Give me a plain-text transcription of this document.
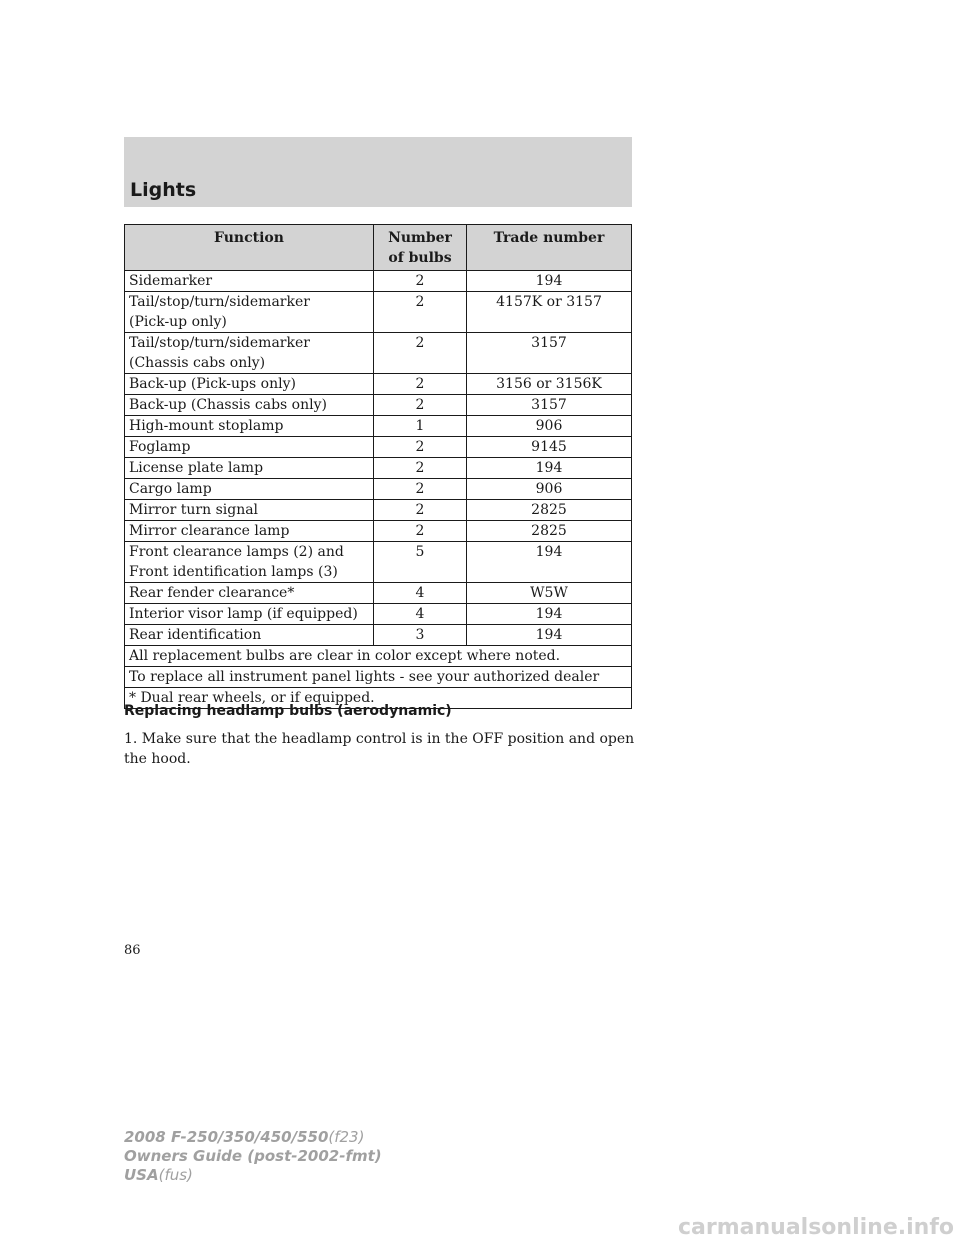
Lights
Function	Number of bulbs	Trade number
Sidemarker	2	194
Tail/stop/turn/sidemarker
(Pick-up only)	2	4157K or 3157
Tail/stop/turn/sidemarker
(Chassis cabs only)	2	3157
Back-up (Pick-ups only)	2	3156 or 3156K
Back-up (Chassis cabs only)	2	3157
High-mount stoplamp	1	906
Foglamp	2	9145
License plate lamp	2	194
Cargo lamp	2	906
Mirror turn signal	2	2825
Mirror clearance lamp	2	2825
Front clearance lamps (2) and
Front identification lamps (3)	5	194
Rear fender clearance*	4	W5W
Interior visor lamp (if equipped)	4	194
Rear identification	3	194
All replacement bulbs are clear in color except where noted.		
To replace all instrument panel lights - see your authorized dealer		
* Dual rear wheels, or if equipped.		
Replacing headlamp bulbs (aerodynamic)
1. Make sure that the headlamp control is in the OFF position and open the hood.
86
2008 F-250/350/450/550(f23)
Owners Guide (post-2002-fmt)
USA(fus)
carmanualsonline.info
